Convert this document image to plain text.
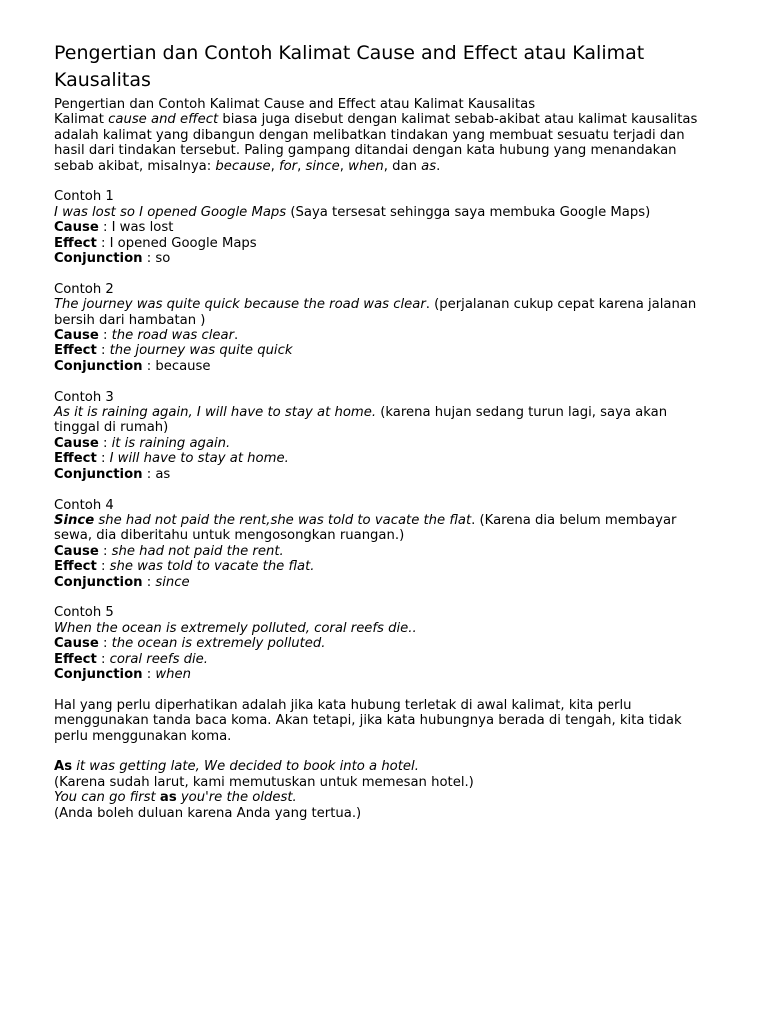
Pengertian dan Contoh Kalimat Cause and Effect atau Kalimat Kausalitas

Pengertian dan Contoh Kalimat Cause and Effect atau Kalimat Kausalitas

Kalimat cause and effect biasa juga disebut dengan kalimat sebab-akibat atau kalimat kausalitas adalah kalimat yang dibangun dengan melibatkan tindakan yang membuat sesuatu terjadi dan hasil dari tindakan tersebut. Paling gampang ditandai dengan kata hubung yang menandakan sebab akibat, misalnya: because, for, since, when, dan as.

Contoh 1

I was lost so I opened Google Maps (Saya tersesat sehingga saya membuka Google Maps)

Cause : I was lost

Effect : I opened Google Maps

Conjunction : so

Contoh 2

The journey was quite quick because the road was clear. (perjalanan cukup cepat karena jalanan bersih dari hambatan )

Cause : the road was clear.

Effect : the journey was quite quick

Conjunction : because

Contoh 3

As it is raining again, I will have to stay at home. (karena hujan sedang turun lagi, saya akan tinggal di rumah)

Cause : it is raining again.

Effect : I will have to stay at home.

Conjunction : as

Contoh 4

Since she had not paid the rent,she was told to vacate the flat. (Karena dia belum membayar sewa, dia diberitahu untuk mengosongkan ruangan.)

Cause : she had not paid the rent.

Effect : she was told to vacate the flat.

Conjunction : since

Contoh 5

When the ocean is extremely polluted, coral reefs die..

Cause : the ocean is extremely polluted.

Effect : coral reefs die.

Conjunction : when

Hal yang perlu diperhatikan adalah jika kata hubung terletak di awal kalimat, kita perlu menggunakan tanda baca koma. Akan tetapi, jika kata hubungnya berada di tengah, kita tidak perlu menggunakan koma.

As it was getting late, We decided to book into a hotel.

(Karena sudah larut, kami memutuskan untuk memesan hotel.)

You can go first as you're the oldest.

(Anda boleh duluan karena Anda yang tertua.)
